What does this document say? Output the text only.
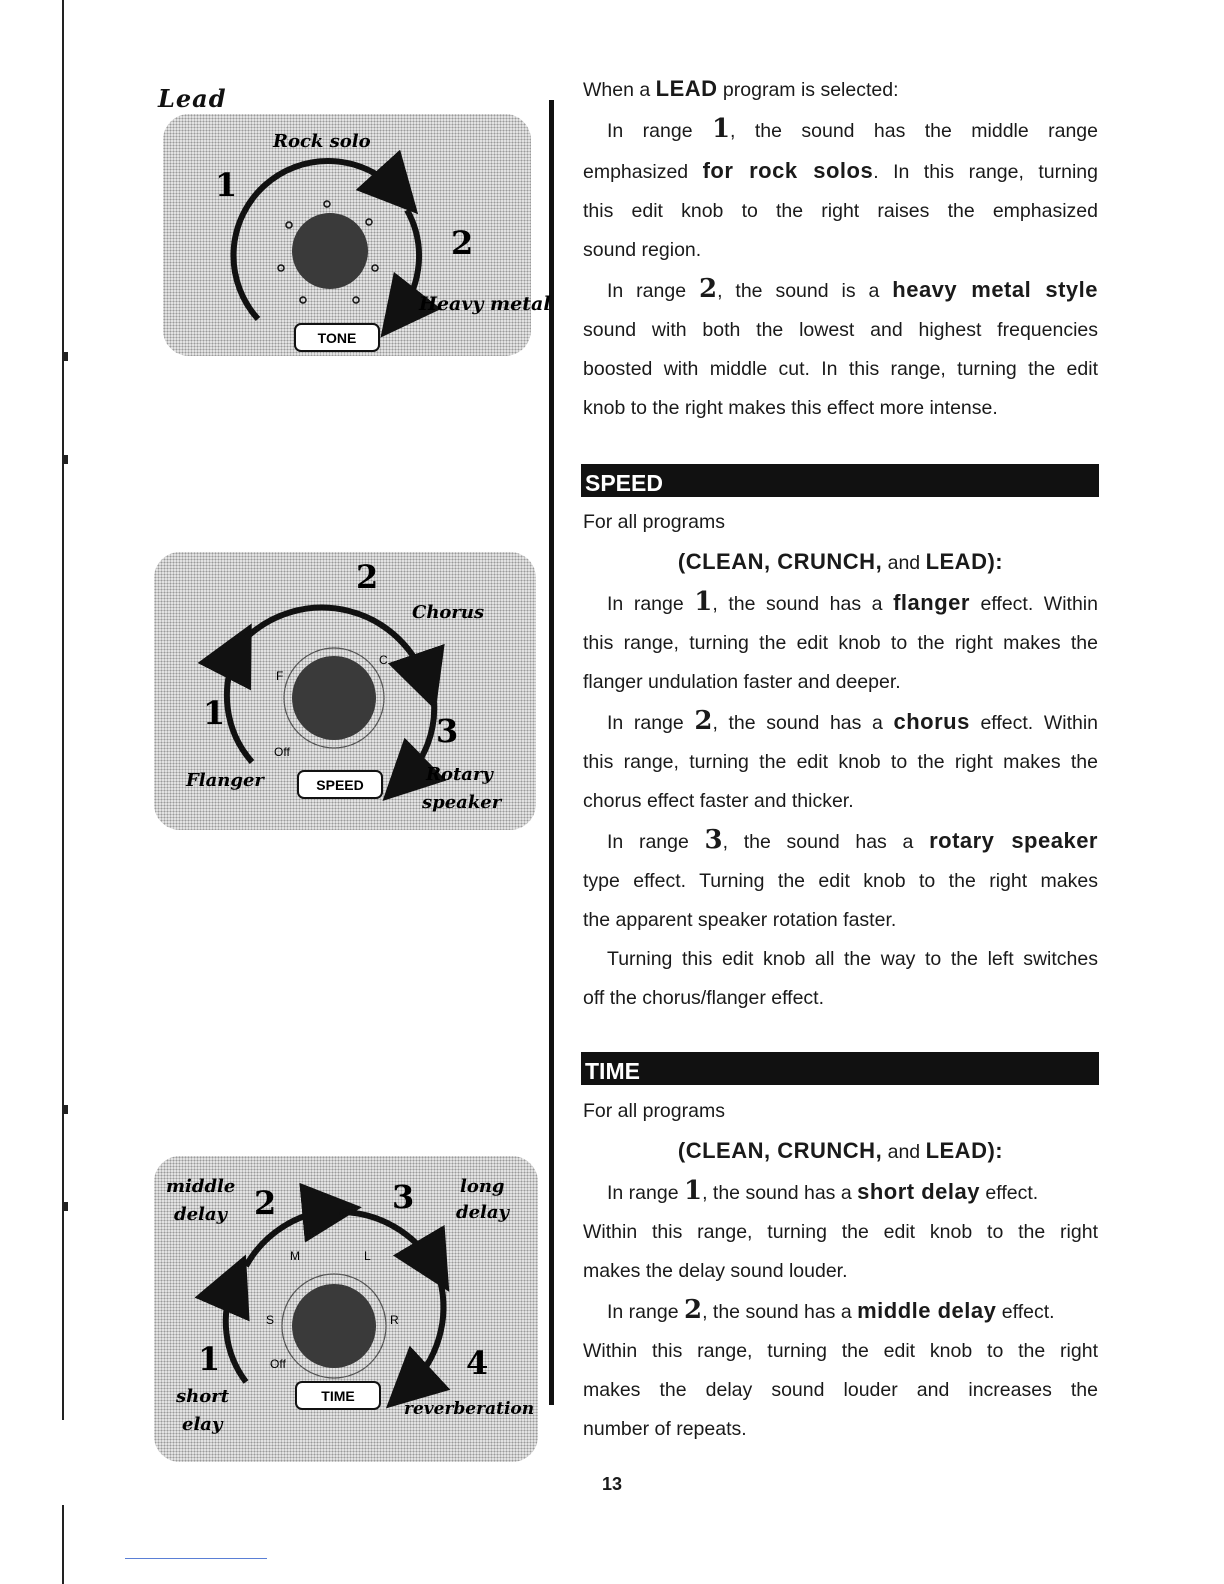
Lead
1
2
Rock solo
Heavy metal
TONE
1
2
3
Chorus
Flanger	Rotary
speaker
F
C
Off
SPEED
1
2	3
4
middle
delay
long
delay
short
elay
reverberation
M	L
S	R
Off
TIME

When a LEAD program is selected:

In range 1, the sound has the middle range

emphasized for rock solos. In this range, turning

this edit knob to the right raises the emphasized

sound region.

In range 2, the sound is a heavy metal style

sound with both the lowest and highest frequencies

boosted with middle cut. In this range, turning the edit

knob to the right makes this effect more intense.

SPEED

For all programs

(CLEAN, CRUNCH, and LEAD):

In range 1, the sound has a flanger effect. Within

this range, turning the edit knob to the right makes the

flanger undulation faster and deeper.

In range 2, the sound has a chorus effect. Within

this range, turning the edit knob to the right makes the

chorus effect faster and thicker.

In range 3, the sound has a rotary speaker

type effect. Turning the edit knob to the right makes

the apparent speaker rotation faster.

Turning this edit knob all the way to the left switches

off the chorus/flanger effect.

TIME

For all programs

(CLEAN, CRUNCH, and LEAD):

In range 1, the sound has a short delay effect.

Within this range, turning the edit knob to the right

makes the delay sound louder.

In range 2, the sound has a middle delay effect.

Within this range, turning the edit knob to the right

makes the delay sound louder and increases the

number of repeats.

13
